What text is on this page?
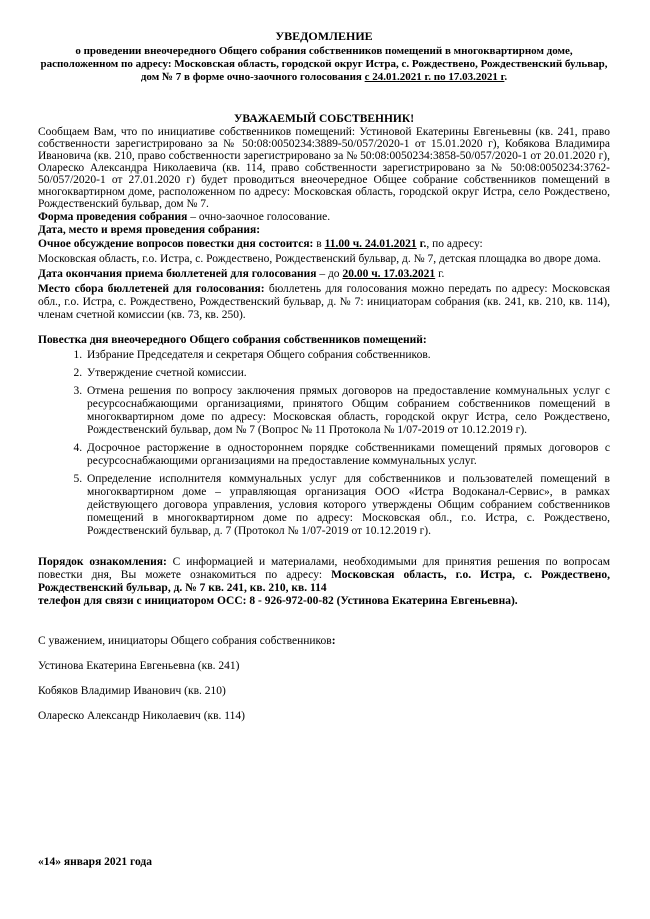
УВЕДОМЛЕНИЕ

о проведении внеочередного Общего собрания собственников помещений в многоквартирном доме, расположенном по адресу: Московская область, городской округ Истра, с. Рождествено, Рождественский бульвар, дом № 7 в форме очно-заочного голосования с 24.01.2021 г. по 17.03.2021 г.

УВАЖАЕМЫЙ СОБСТВЕННИК!

Сообщаем Вам, что по инициативе собственников помещений: Устиновой Екатерины Евгеньевны (кв. 241, право собственности зарегистрировано за № 50:08:0050234:3889-50/057/2020-1 от 15.01.2020 г), Кобякова Владимира Ивановича (кв. 210, право собственности зарегистрировано за № 50:08:0050234:3858-50/057/2020-1 от 20.01.2020 г), Олареско Александра Николаевича (кв. 114, право собственности зарегистрировано за № 50:08:0050234:3762-50/057/2020-1 от 27.01.2020 г) будет проводиться внеочередное Общее собрание собственников помещений в многоквартирном доме, расположенном по адресу: Московская область, городской округ Истра, село Рождествено, Рождественский бульвар, дом № 7.

Форма проведения собрания – очно-заочное голосование.

Дата, место и время проведения собрания:

Очное обсуждение вопросов повестки дня состоится: в 11.00 ч. 24.01.2021 г., по адресу:

Московская область, г.о. Истра, с. Рождествено, Рождественский бульвар, д. № 7, детская площадка во дворе дома.

Дата окончания приема бюллетеней для голосования – до 20.00 ч. 17.03.2021 г.

Место сбора бюллетеней для голосования: бюллетень для голосования можно передать по адресу: Московская обл., г.о. Истра, с. Рождествено, Рождественский бульвар, д. № 7: инициаторам собрания (кв. 241, кв. 210, кв. 114), членам счетной комиссии (кв. 73, кв. 250).

Повестка дня внеочередного Общего собрания собственников помещений:

1. Избрание Председателя и секретаря Общего собрания собственников.
2. Утверждение счетной комиссии.
3. Отмена решения по вопросу заключения прямых договоров на предоставление коммунальных услуг с ресурсоснабжающими организациями, принятого Общим собранием собственников помещений в многоквартирном доме по адресу: Московская область, городской округ Истра, село Рождествено, Рождественский бульвар, дом № 7 (Вопрос № 11 Протокола № 1/07-2019 от 10.12.2019 г).
4. Досрочное расторжение в одностороннем порядке собственниками помещений прямых договоров с ресурсоснабжающими организациями на предоставление коммунальных услуг.
5. Определение исполнителя коммунальных услуг для собственников и пользователей помещений в многоквартирном доме – управляющая организация ООО «Истра Водоканал-Сервис», в рамках действующего договора управления, условия которого утверждены Общим собранием собственников помещений в многоквартирном доме по адресу: Московская обл., г.о. Истра, с. Рождествено, Рождественский бульвар, д. 7 (Протокол № 1/07-2019 от 10.12.2019 г).

Порядок ознакомления: С информацией и материалами, необходимыми для принятия решения по вопросам повестки дня, Вы можете ознакомиться по адресу: Московская область, г.о. Истра, с. Рождествено, Рождественский бульвар, д. № 7 кв. 241, кв. 210, кв. 114

телефон для связи с инициатором ОСС: 8 - 926-972-00-82 (Устинова Екатерина Евгеньевна).

С уважением, инициаторы Общего собрания собственников:

Устинова Екатерина Евгеньевна (кв. 241)

Кобяков Владимир Иванович (кв. 210)

Олареско Александр Николаевич (кв. 114)

«14» января 2021 года
